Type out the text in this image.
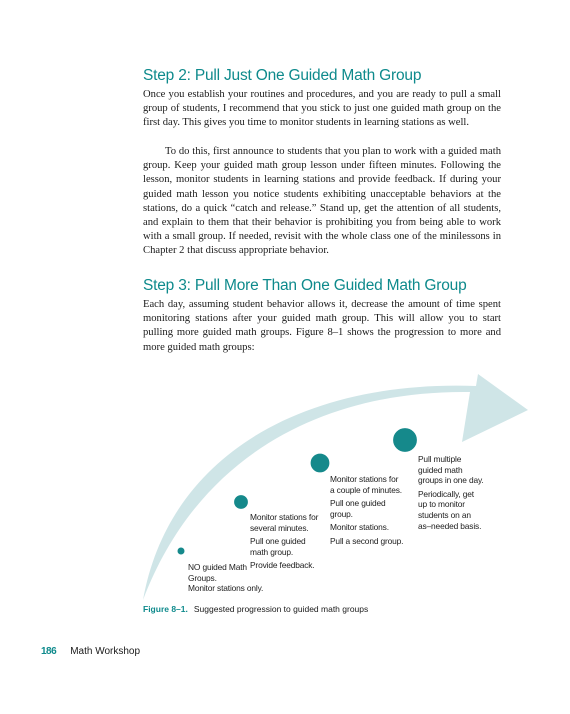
Step 2: Pull Just One Guided Math Group

Once you establish your routines and procedures, and you are ready to pull a small group of students, I recommend that you stick to just one guided math group on the first day. This gives you time to monitor students in learning stations as well.

To do this, first announce to students that you plan to work with a guided math group. Keep your guided math group lesson under fifteen minutes. Following the lesson, monitor students in learning stations and provide feedback. If during your guided math lesson you notice students exhibiting unacceptable behaviors at the stations, do a quick “catch and release.” Stand up, get the attention of all students, and explain to them that their behavior is prohibiting you from being able to work with a small group. If needed, revisit with the whole class one of the minilessons in Chapter 2 that discuss appropriate behavior.

Step 3: Pull More Than One Guided Math Group

Each day, assuming student behavior allows it, decrease the amount of time spent monitoring stations after your guided math group. This will allow you to start pulling more guided math groups. Figure 8–1 shows the progression to more and more guided math groups:

NO guided Math
Groups.
Monitor stations only.
Monitor stations for
several minutes.
Pull one guided
math group.
Provide feedback.
Monitor stations for
a couple of minutes.
Pull one guided
group.
Monitor stations.
Pull a second group.
Pull multiple
guided math
groups in one day.
Periodically, get
up to monitor
students on an
as–needed basis.

Figure 8–1. Suggested progression to guided math groups

186 Math Workshop
